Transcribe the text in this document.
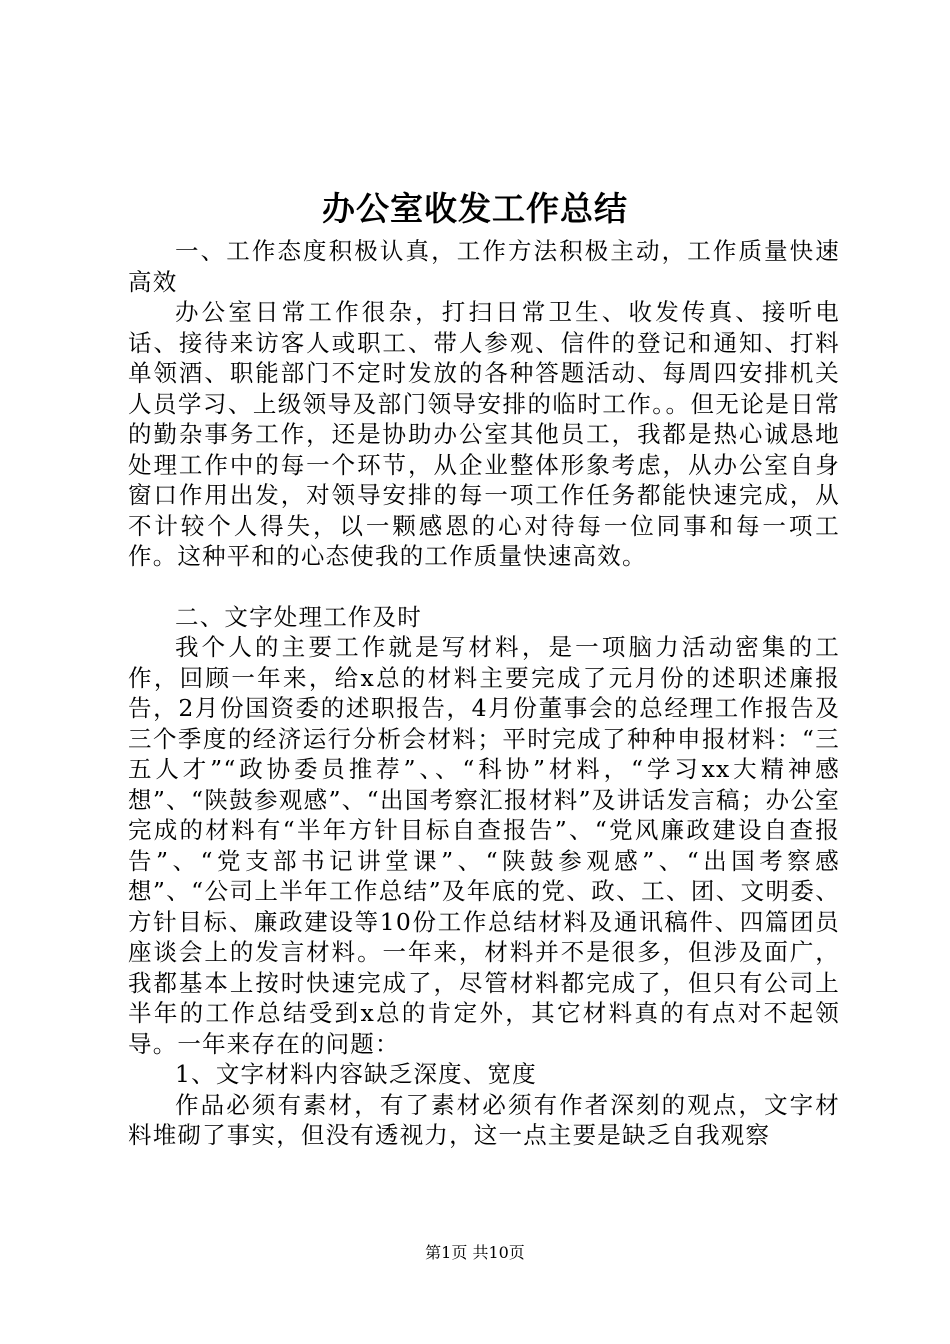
办公室收发工作总结

一、工作态度积极认真，工作方法积极主动，工作质量快速高效

办公室日常工作很杂，打扫日常卫生、收发传真、接听电话、接待来访客人或职工、带人参观、信件的登记和通知、打料单领酒、职能部门不定时发放的各种答题活动、每周四安排机关人员学习、上级领导及部门领导安排的临时工作。。但无论是日常的勤杂事务工作，还是协助办公室其他员工，我都是热心诚恳地处理工作中的每一个环节，从企业整体形象考虑，从办公室自身窗口作用出发，对领导安排的每一项工作任务都能快速完成，从不计较个人得失，以一颗感恩的心对待每一位同事和每一项工作。这种平和的心态使我的工作质量快速高效。

二、文字处理工作及时

我个人的主要工作就是写材料，是一项脑力活动密集的工作，回顾一年来，给x总的材料主要完成了元月份的述职述廉报告，2月份国资委的述职报告，4月份董事会的总经理工作报告及三个季度的经济运行分析会材料；平时完成了种种申报材料：“三五人才”“政协委员推荐”、、“科协”材料，“学习xx大精神感想”、“陕鼓参观感”、“出国考察汇报材料”及讲话发言稿；办公室完成的材料有“半年方针目标自查报告”、“党风廉政建设自查报告”、“党支部书记讲堂课”、“陕鼓参观感”、“出国考察感想”、“公司上半年工作总结”及年底的党、政、工、团、文明委、方针目标、廉政建设等10份工作总结材料及通讯稿件、四篇团员座谈会上的发言材料。一年来，材料并不是很多，但涉及面广，我都基本上按时快速完成了，尽管材料都完成了，但只有公司上半年的工作总结受到x总的肯定外，其它材料真的有点对不起领导。一年来存在的问题：

1、文字材料内容缺乏深度、宽度

作品必须有素材，有了素材必须有作者深刻的观点，文字材料堆砌了事实，但没有透视力，这一点主要是缺乏自我观察

第1页 共10页
